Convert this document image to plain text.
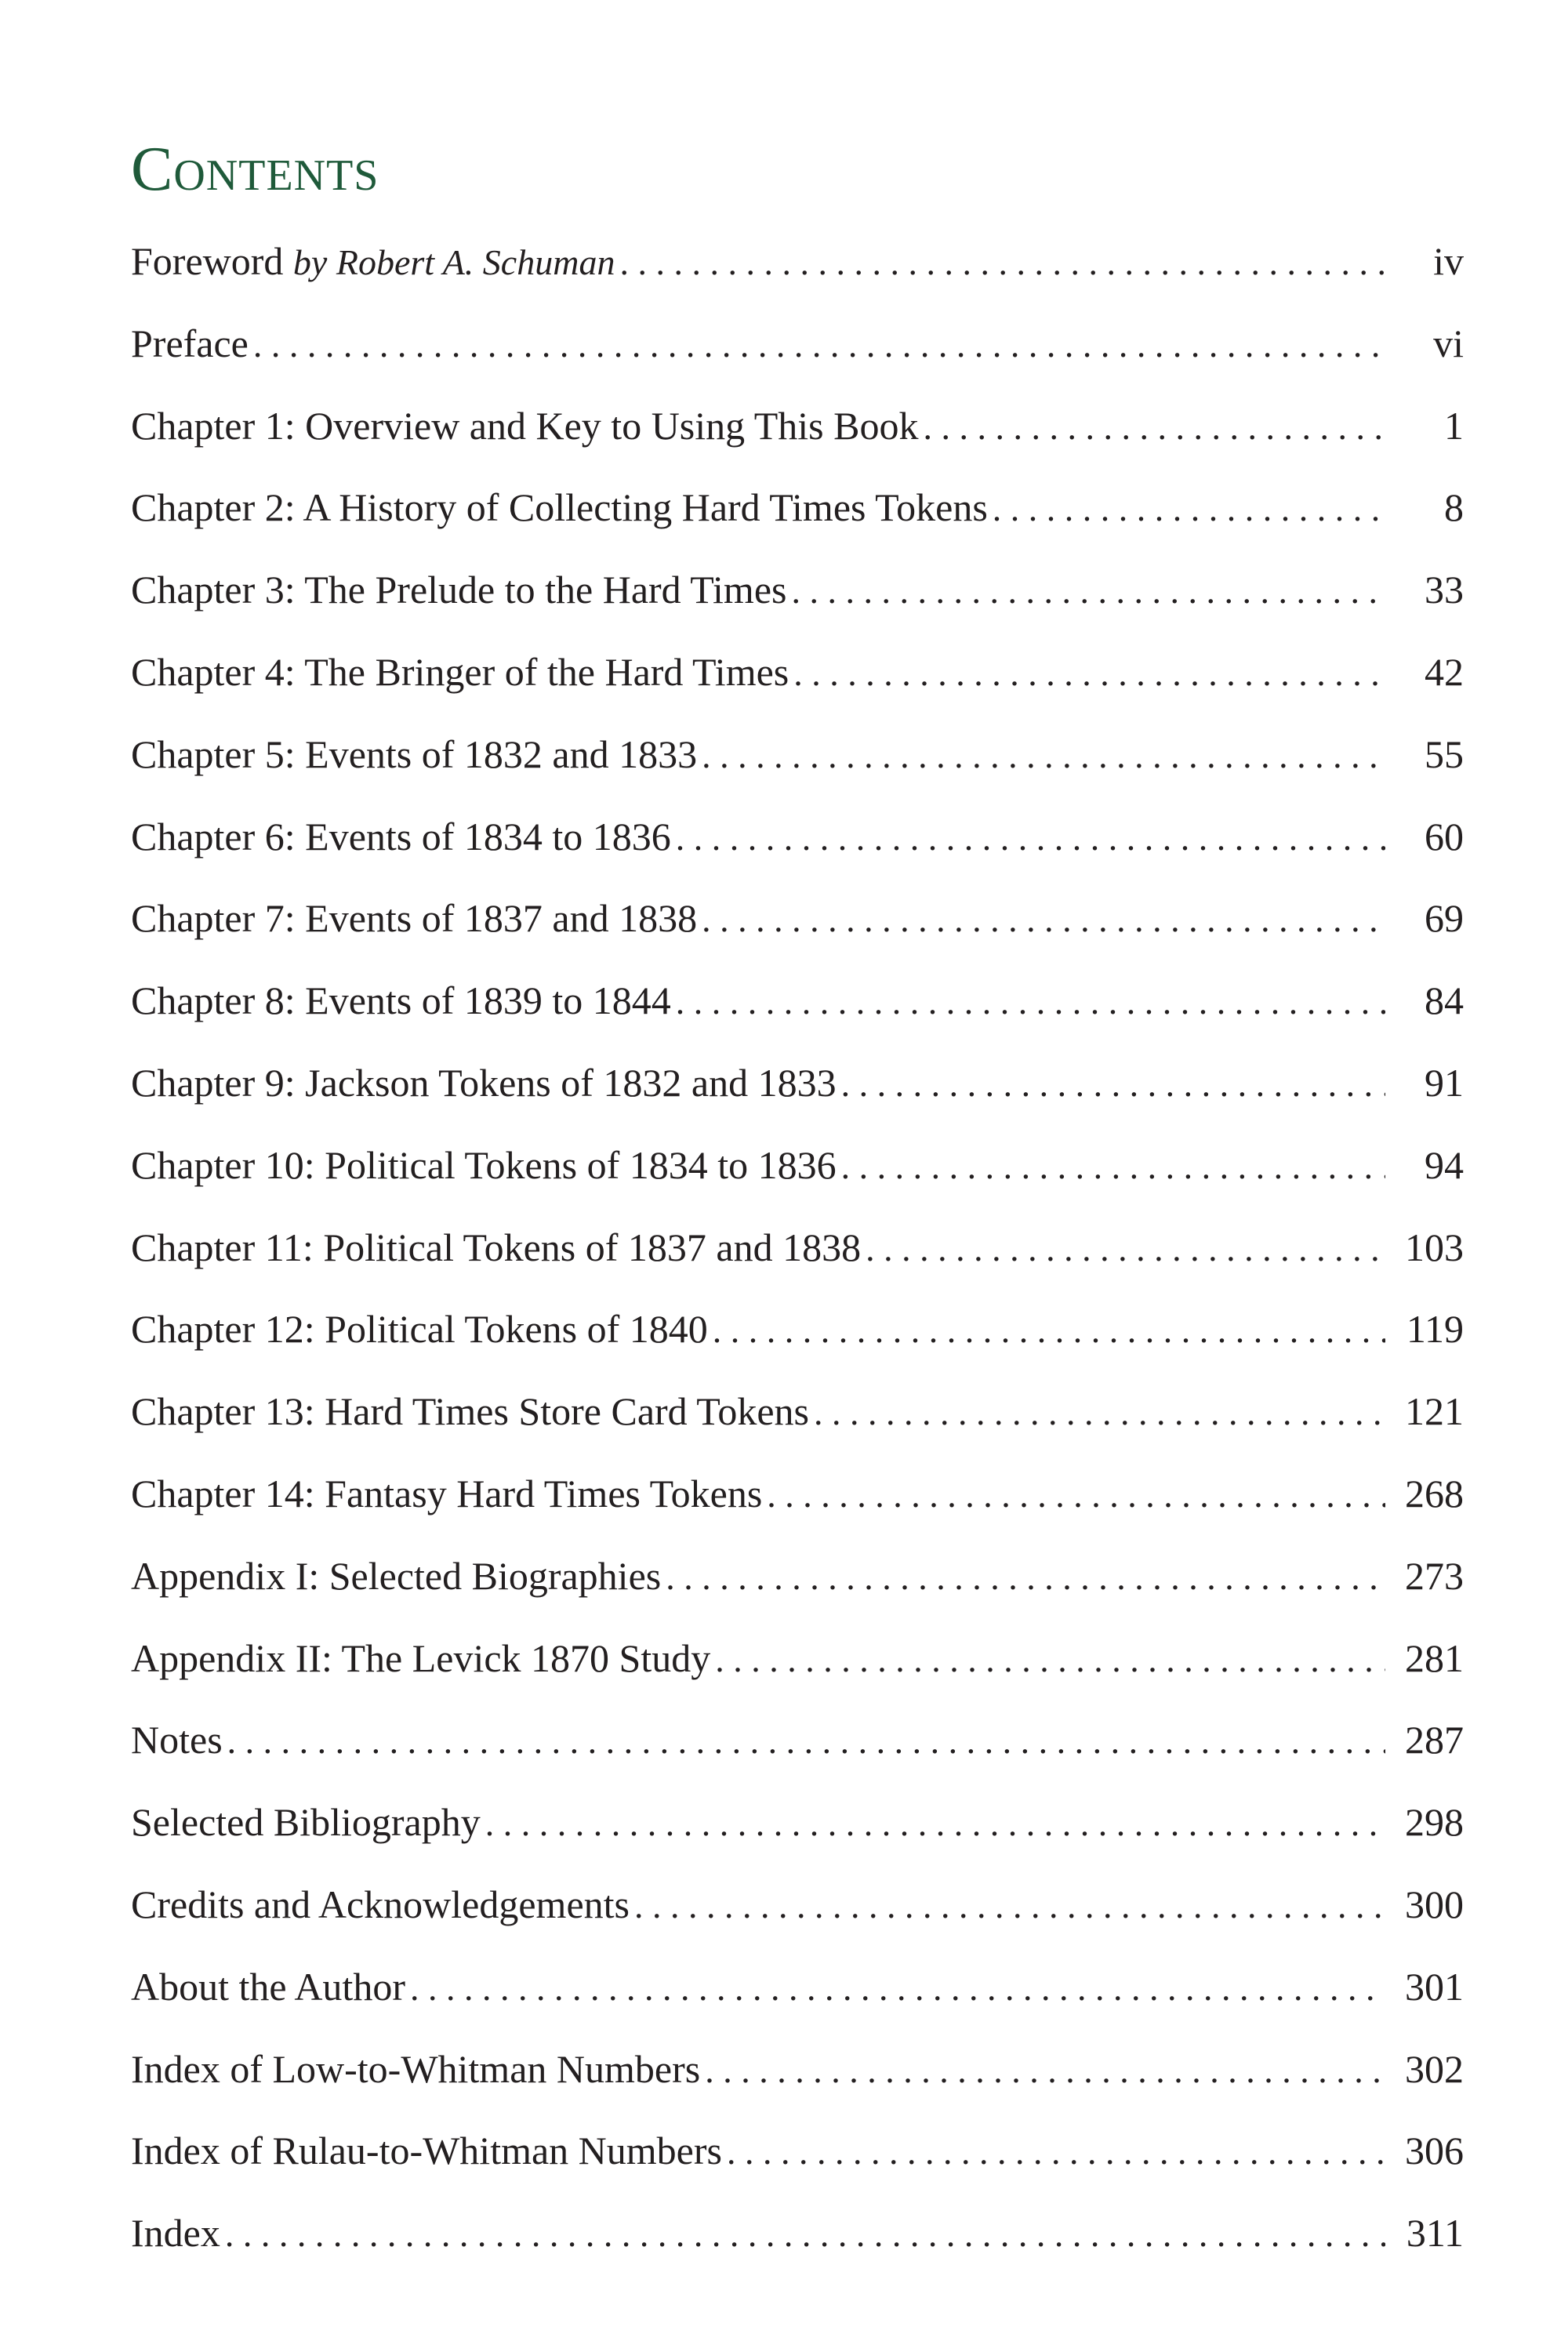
Contents
Foreword by Robert A. Schuman . . .	iv
Preface . . .	vi
Chapter 1: Overview and Key to Using This Book . . .	1
Chapter 2: A History of Collecting Hard Times Tokens . . .	8
Chapter 3: The Prelude to the Hard Times . . .	33
Chapter 4: The Bringer of the Hard Times . . .	42
Chapter 5: Events of 1832 and 1833 . . .	55
Chapter 6: Events of 1834 to 1836 . . .	60
Chapter 7: Events of 1837 and 1838 . . .	69
Chapter 8: Events of 1839 to 1844 . . .	84
Chapter 9: Jackson Tokens of 1832 and 1833 . . .	91
Chapter 10: Political Tokens of 1834 to 1836 . . .	94
Chapter 11: Political Tokens of 1837 and 1838 . . .	103
Chapter 12: Political Tokens of 1840 . . .	119
Chapter 13: Hard Times Store Card Tokens . . .	121
Chapter 14: Fantasy Hard Times Tokens . . .	268
Appendix I: Selected Biographies . . .	273
Appendix II: The Levick 1870 Study . . .	281
Notes . . .	287
Selected Bibliography . . .	298
Credits and Acknowledgements . . .	300
About the Author . . .	301
Index of Low-to-Whitman Numbers . . .	302
Index of Rulau-to-Whitman Numbers . . .	306
Index . . .	311
